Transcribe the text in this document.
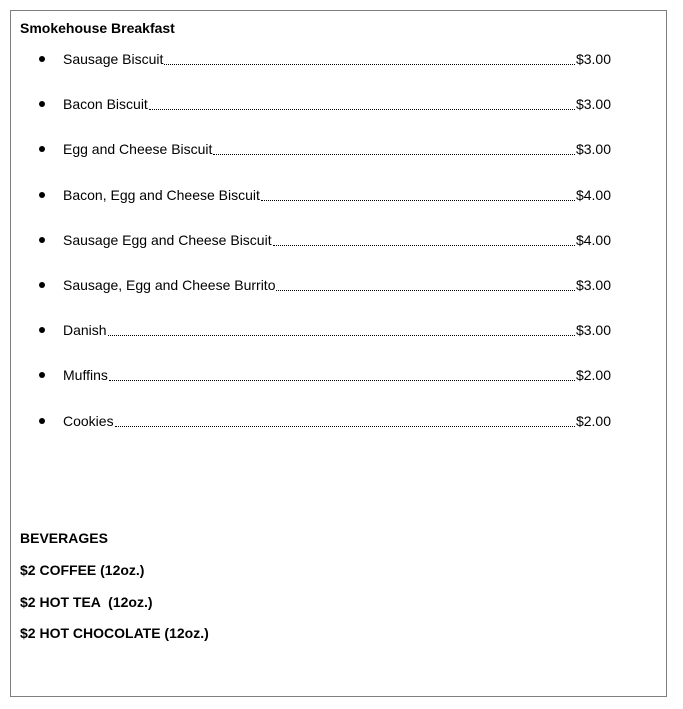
Smokehouse Breakfast
Sausage Biscuit	$3.00
Bacon Biscuit	$3.00
Egg and Cheese Biscuit	$3.00
Bacon, Egg and Cheese Biscuit	$4.00
Sausage Egg and Cheese Biscuit	$4.00
Sausage, Egg and Cheese Burrito	$3.00
Danish	$3.00
Muffins	$2.00
Cookies	$2.00
BEVERAGES
$2 COFFEE (12oz.)
$2 HOT TEA  (12oz.)
$2 HOT CHOCOLATE (12oz.)
